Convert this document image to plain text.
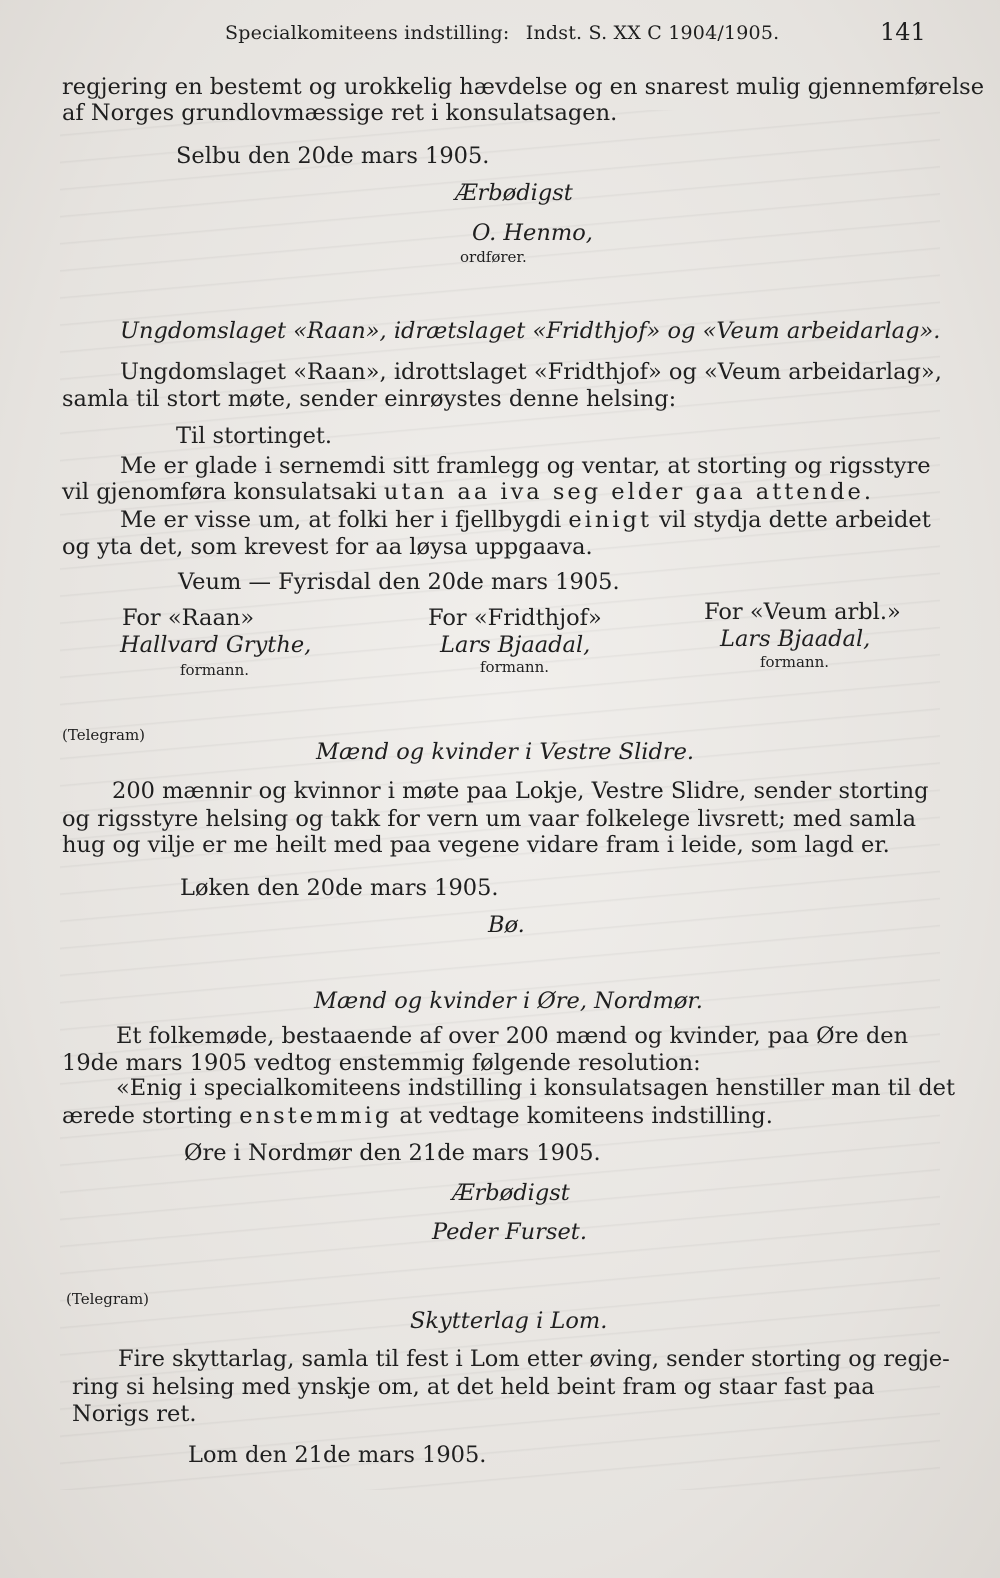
Specialkomiteens indstilling: Indst. S. XX C 1904/1905.	141
regjering en bestemt og urokkelig hævdelse og en snarest mulig gjennemførelse
af Norges grundlovmæssige ret i konsulatsagen.
Selbu den 20de mars 1905.
Ærbødigst
O. Henmo,
ordfører.
Ungdomslaget «Raan», idrætslaget «Fridthjof» og «Veum arbeidarlag».
Ungdomslaget «Raan», idrottslaget «Fridthjof» og «Veum arbeidarlag»,
samla til stort møte, sender einrøystes denne helsing:
Til stortinget.
Me er glade i sernemdi sitt framlegg og ventar, at storting og rigsstyre
vil gjenomføra konsulatsaki utan aa iva seg elder gaa attende.
Me er visse um, at folki her i fjellbygdi einigt vil stydja dette arbeidet
og yta det, som krevest for aa løysa uppgaava.
Veum — Fyrisdal den 20de mars 1905.
For «Raan»
Hallvard Grythe,
formann.
For «Fridthjof»
Lars Bjaadal,
formann.
For «Veum arbl.»
Lars Bjaadal,
formann.
(Telegram)
Mænd og kvinder i Vestre Slidre.
200 mænnir og kvinnor i møte paa Lokje, Vestre Slidre, sender storting
og rigsstyre helsing og takk for vern um vaar folkelege livsrett; med samla
hug og vilje er me heilt med paa vegene vidare fram i leide, som lagd er.
Løken den 20de mars 1905.
Bø.
Mænd og kvinder i Øre, Nordmør.
Et folkemøde, bestaaende af over 200 mænd og kvinder, paa Øre den
19de mars 1905 vedtog enstemmig følgende resolution:
«Enig i specialkomiteens indstilling i konsulatsagen henstiller man til det
ærede storting enstemmig at vedtage komiteens indstilling.
Øre i Nordmør den 21de mars 1905.
Ærbødigst
Peder Furset.
(Telegram)
Skytterlag i Lom.
Fire skyttarlag, samla til fest i Lom etter øving, sender storting og regje-
ring si helsing med ynskje om, at det held beint fram og staar fast paa
Norigs ret.
Lom den 21de mars 1905.
